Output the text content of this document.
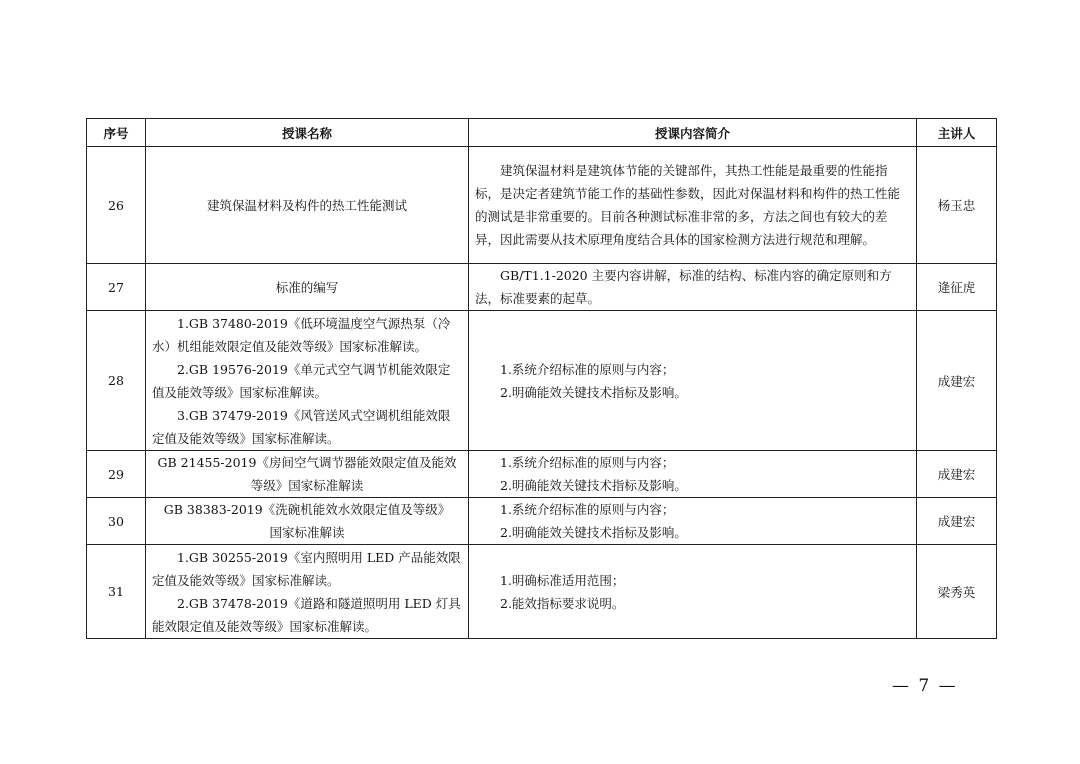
序号	授课名称	授课内容简介	主讲人
26	建筑保温材料及构件的热工性能测试	建筑保温材料是建筑体节能的关键部件，其热工性能是最重要的性能指标，是决定者建筑节能工作的基础性参数，因此对保温材料和构件的热工性能的测试是非常重要的。目前各种测试标准非常的多，方法之间也有较大的差异，因此需要从技术原理角度结合具体的国家检测方法进行规范和理解。	杨玉忠
27	标准的编写	GB/T1.1-2020 主要内容讲解，标准的结构、标准内容的确定原则和方法，标准要素的起草。	逄征虎
28	1.GB 37480-2019《低环境温度空气源热泵（冷水）机组能效限定值及能效等级》国家标准解读。
2.GB 19576-2019《单元式空气调节机能效限定值及能效等级》国家标准解读。
3.GB 37479-2019《风管送风式空调机组能效限定值及能效等级》国家标准解读。	1.系统介绍标准的原则与内容；
2.明确能效关键技术指标及影响。	成建宏
29	GB 21455-2019《房间空气调节器能效限定值及能效等级》国家标准解读	1.系统介绍标准的原则与内容；
2.明确能效关键技术指标及影响。	成建宏
30	GB 38383-2019《洗碗机能效水效限定值及等级》
国家标准解读	1.系统介绍标准的原则与内容；
2.明确能效关键技术指标及影响。	成建宏
31	1.GB 30255-2019《室内照明用 LED 产品能效限定值及能效等级》国家标准解读。
2.GB 37478-2019《道路和隧道照明用 LED 灯具能效限定值及能效等级》国家标准解读。	1.明确标准适用范围；
2.能效指标要求说明。	梁秀英
— 7 —
